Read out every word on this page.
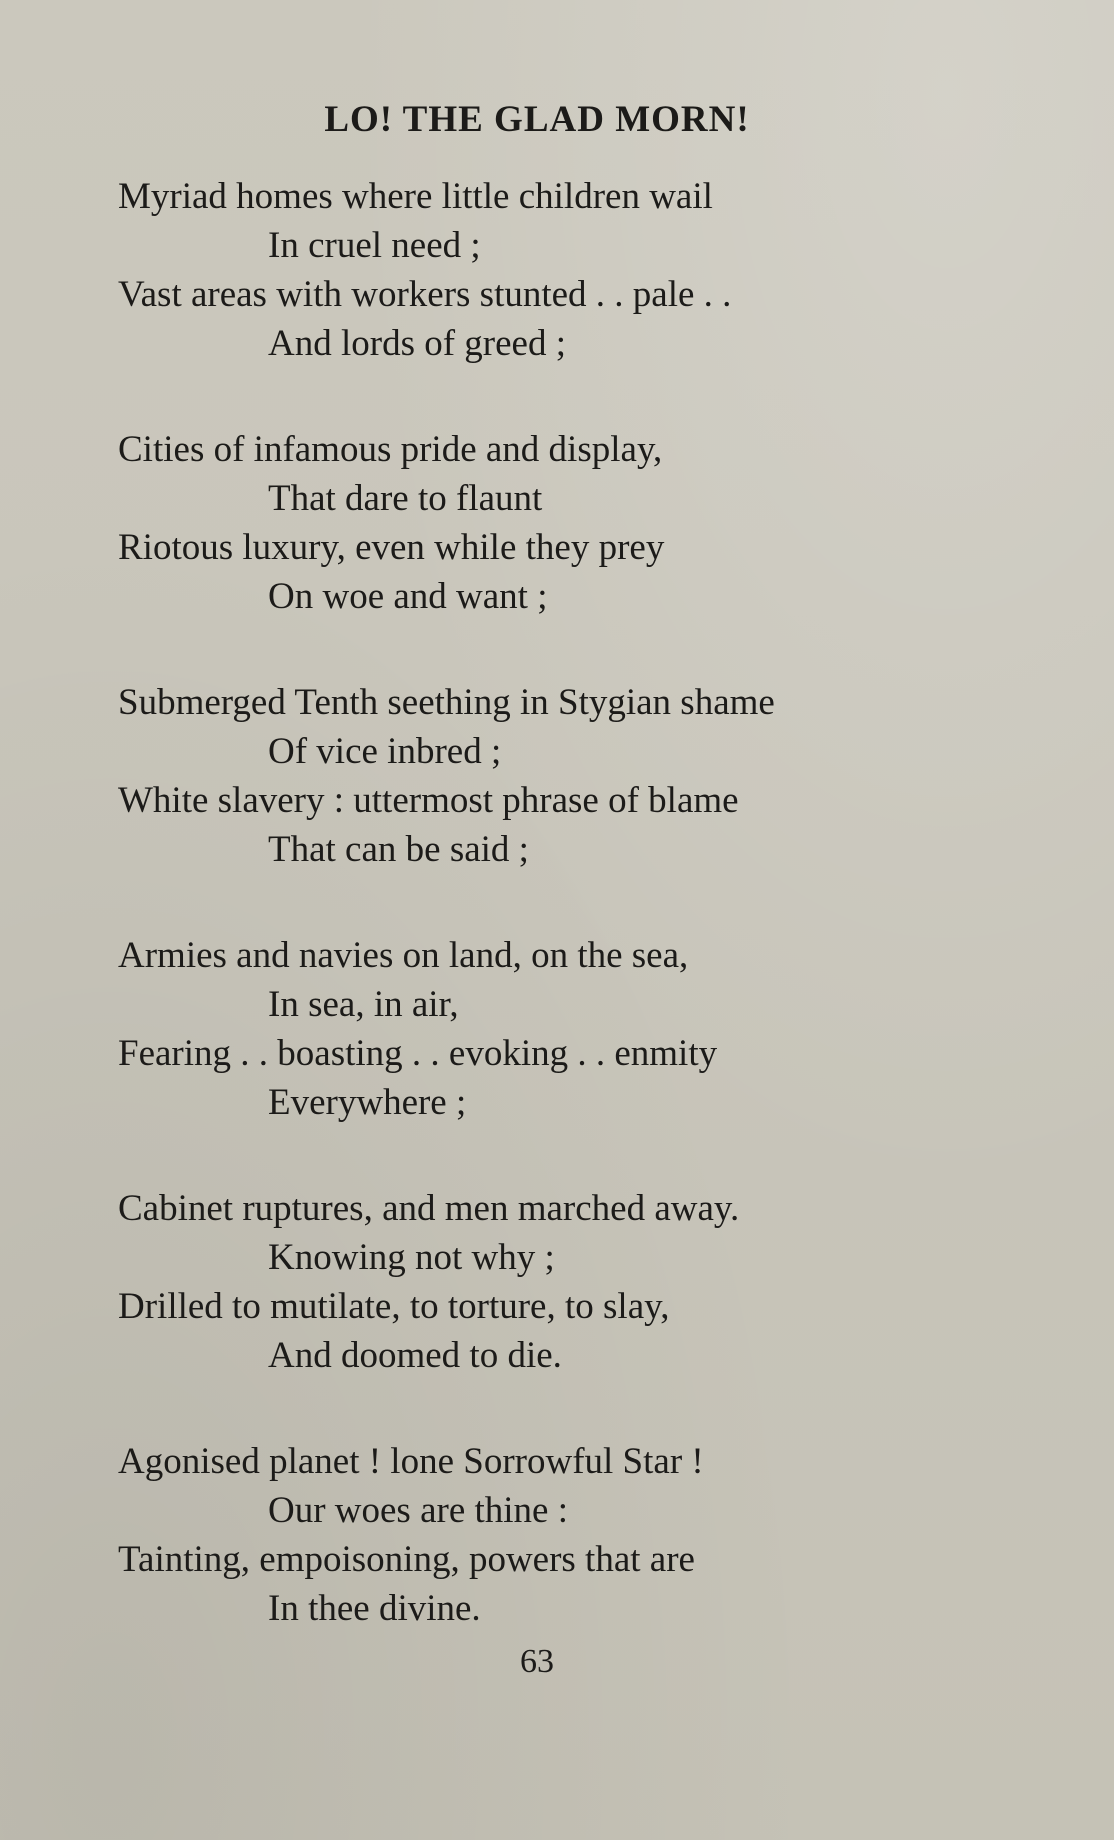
LO! THE GLAD MORN!
Myriad homes where little children wail
In cruel need ;
Vast areas with workers stunted . . pale . .
And lords of greed ;
Cities of infamous pride and display,
That dare to flaunt
Riotous luxury, even while they prey
On woe and want ;
Submerged Tenth seething in Stygian shame
Of vice inbred ;
White slavery : uttermost phrase of blame
That can be said ;
Armies and navies on land, on the sea,
In sea, in air,
Fearing . . boasting . . evoking . . enmity
Everywhere ;
Cabinet ruptures, and men marched away.
Knowing not why ;
Drilled to mutilate, to torture, to slay,
And doomed to die.
Agonised planet ! lone Sorrowful Star !
Our woes are thine :
Tainting, empoisoning, powers that are
In thee divine.
63
